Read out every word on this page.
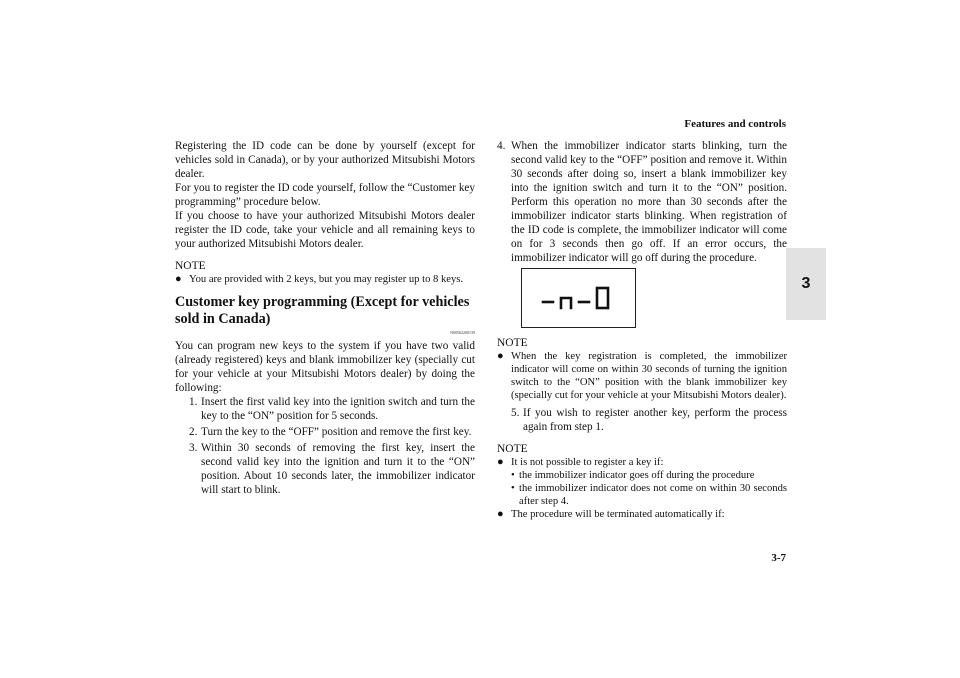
Features and controls
3-7
3

Registering the ID code can be done by yourself (except for vehicles sold in Canada), or by your authorized Mitsubishi Motors dealer.

For you to register the ID code yourself, follow the “Customer key programming” procedure below.

If you choose to have your authorized Mitsubishi Motors dealer register the ID code, take your vehicle and all remaining keys to your authorized Mitsubishi Motors dealer.

NOTE
● You are provided with 2 keys, but you may register up to 8 keys.
Customer key programming (Except for vehicles sold in Canada)
N00562200139

You can program new keys to the system if you have two valid (already registered) keys and blank immobilizer key (specially cut for your vehicle at your Mitsubishi Motors dealer) by doing the following:

1. Insert the first valid key into the ignition switch and turn the key to the “ON” position for 5 seconds.
2. Turn the key to the “OFF” position and remove the first key.
3. Within 30 seconds of removing the first key, insert the second valid key into the ignition and turn it to the “ON” position. About 10 seconds later, the immobilizer indicator will start to blink.
4. When the immobilizer indicator starts blinking, turn the second valid key to the “OFF” position and remove it. Within 30 seconds after doing so, insert a blank immobilizer key into the ignition switch and turn it to the “ON” position. Perform this operation no more than 30 seconds after the immobilizer indicator starts blinking. When registration of the ID code is complete, the immobilizer indicator will come on for 3 seconds then go off. If an error occurs, the immobilizer indicator will go off during the procedure.
NOTE
● When the key registration is completed, the immobilizer indicator will come on within 30 seconds of turning the ignition switch to the “ON” position with the blank immobilizer key (specially cut for your vehicle at your Mitsubishi Motors dealer).
5. If you wish to register another key, perform the process again from step 1.
NOTE
● It is not possible to register a key if:
• the immobilizer indicator goes off during the procedure
• the immobilizer indicator does not come on within 30 seconds after step 4.
● The procedure will be terminated automatically if:
